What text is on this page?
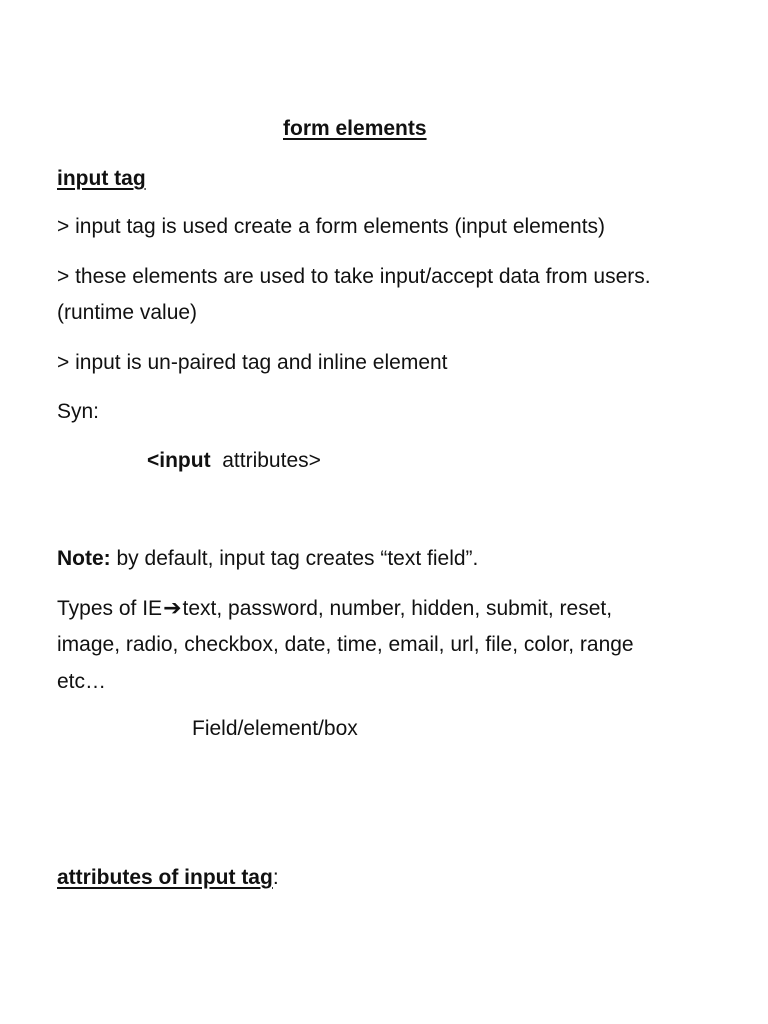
form elements

input tag

> input tag is used create a form elements (input elements)

> these elements are used to take input/accept data from users.

(runtime value)

> input is un-paired tag and inline element

Syn:

<input attributes>

Note: by default, input tag creates “text field”.

Types of IE➔text, password, number, hidden, submit, reset,

image, radio, checkbox, date, time, email, url, file, color, range

etc…

Field/element/box

attributes of input tag:
